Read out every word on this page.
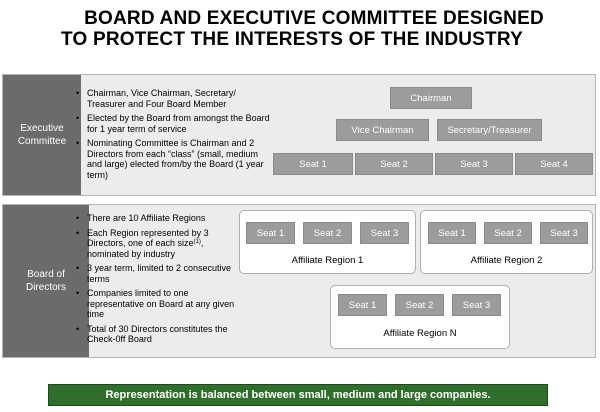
BOARD AND EXECUTIVE COMMITTEE DESIGNED
TO PROTECT THE INTERESTS OF THE INDUSTRY
Executive Committee
• Chairman, Vice Chairman, Secretary/ Treasurer and Four Board Member
• Elected by the Board from amongst the Board for 1 year term of service
• Nominating Committee is Chairman and 2 Directors from each “class” (small, medium and large) elected from/by the Board (1 year term)
Chairman
Vice Chairman	Secretary/Treasurer
Seat 1	Seat 2	Seat 3	Seat 4
Board of Directors
• There are 10 Affiliate Regions
• Each Region represented by 3 Directors, one of each size$^{(1)}$, nominated by industry
• 3 year term, limited to 2 consecutive terms
• Companies limited to one representative on Board at any given time
• Total of 30 Directors constitutes the Check-0ff Board
Seat 1	Seat 2	Seat 3
Affiliate Region 1
Seat 1	Seat 2	Seat 3
Affiliate Region 2
Seat 1	Seat 2	Seat 3
Affiliate Region N
Representation is balanced between small, medium and large companies.
